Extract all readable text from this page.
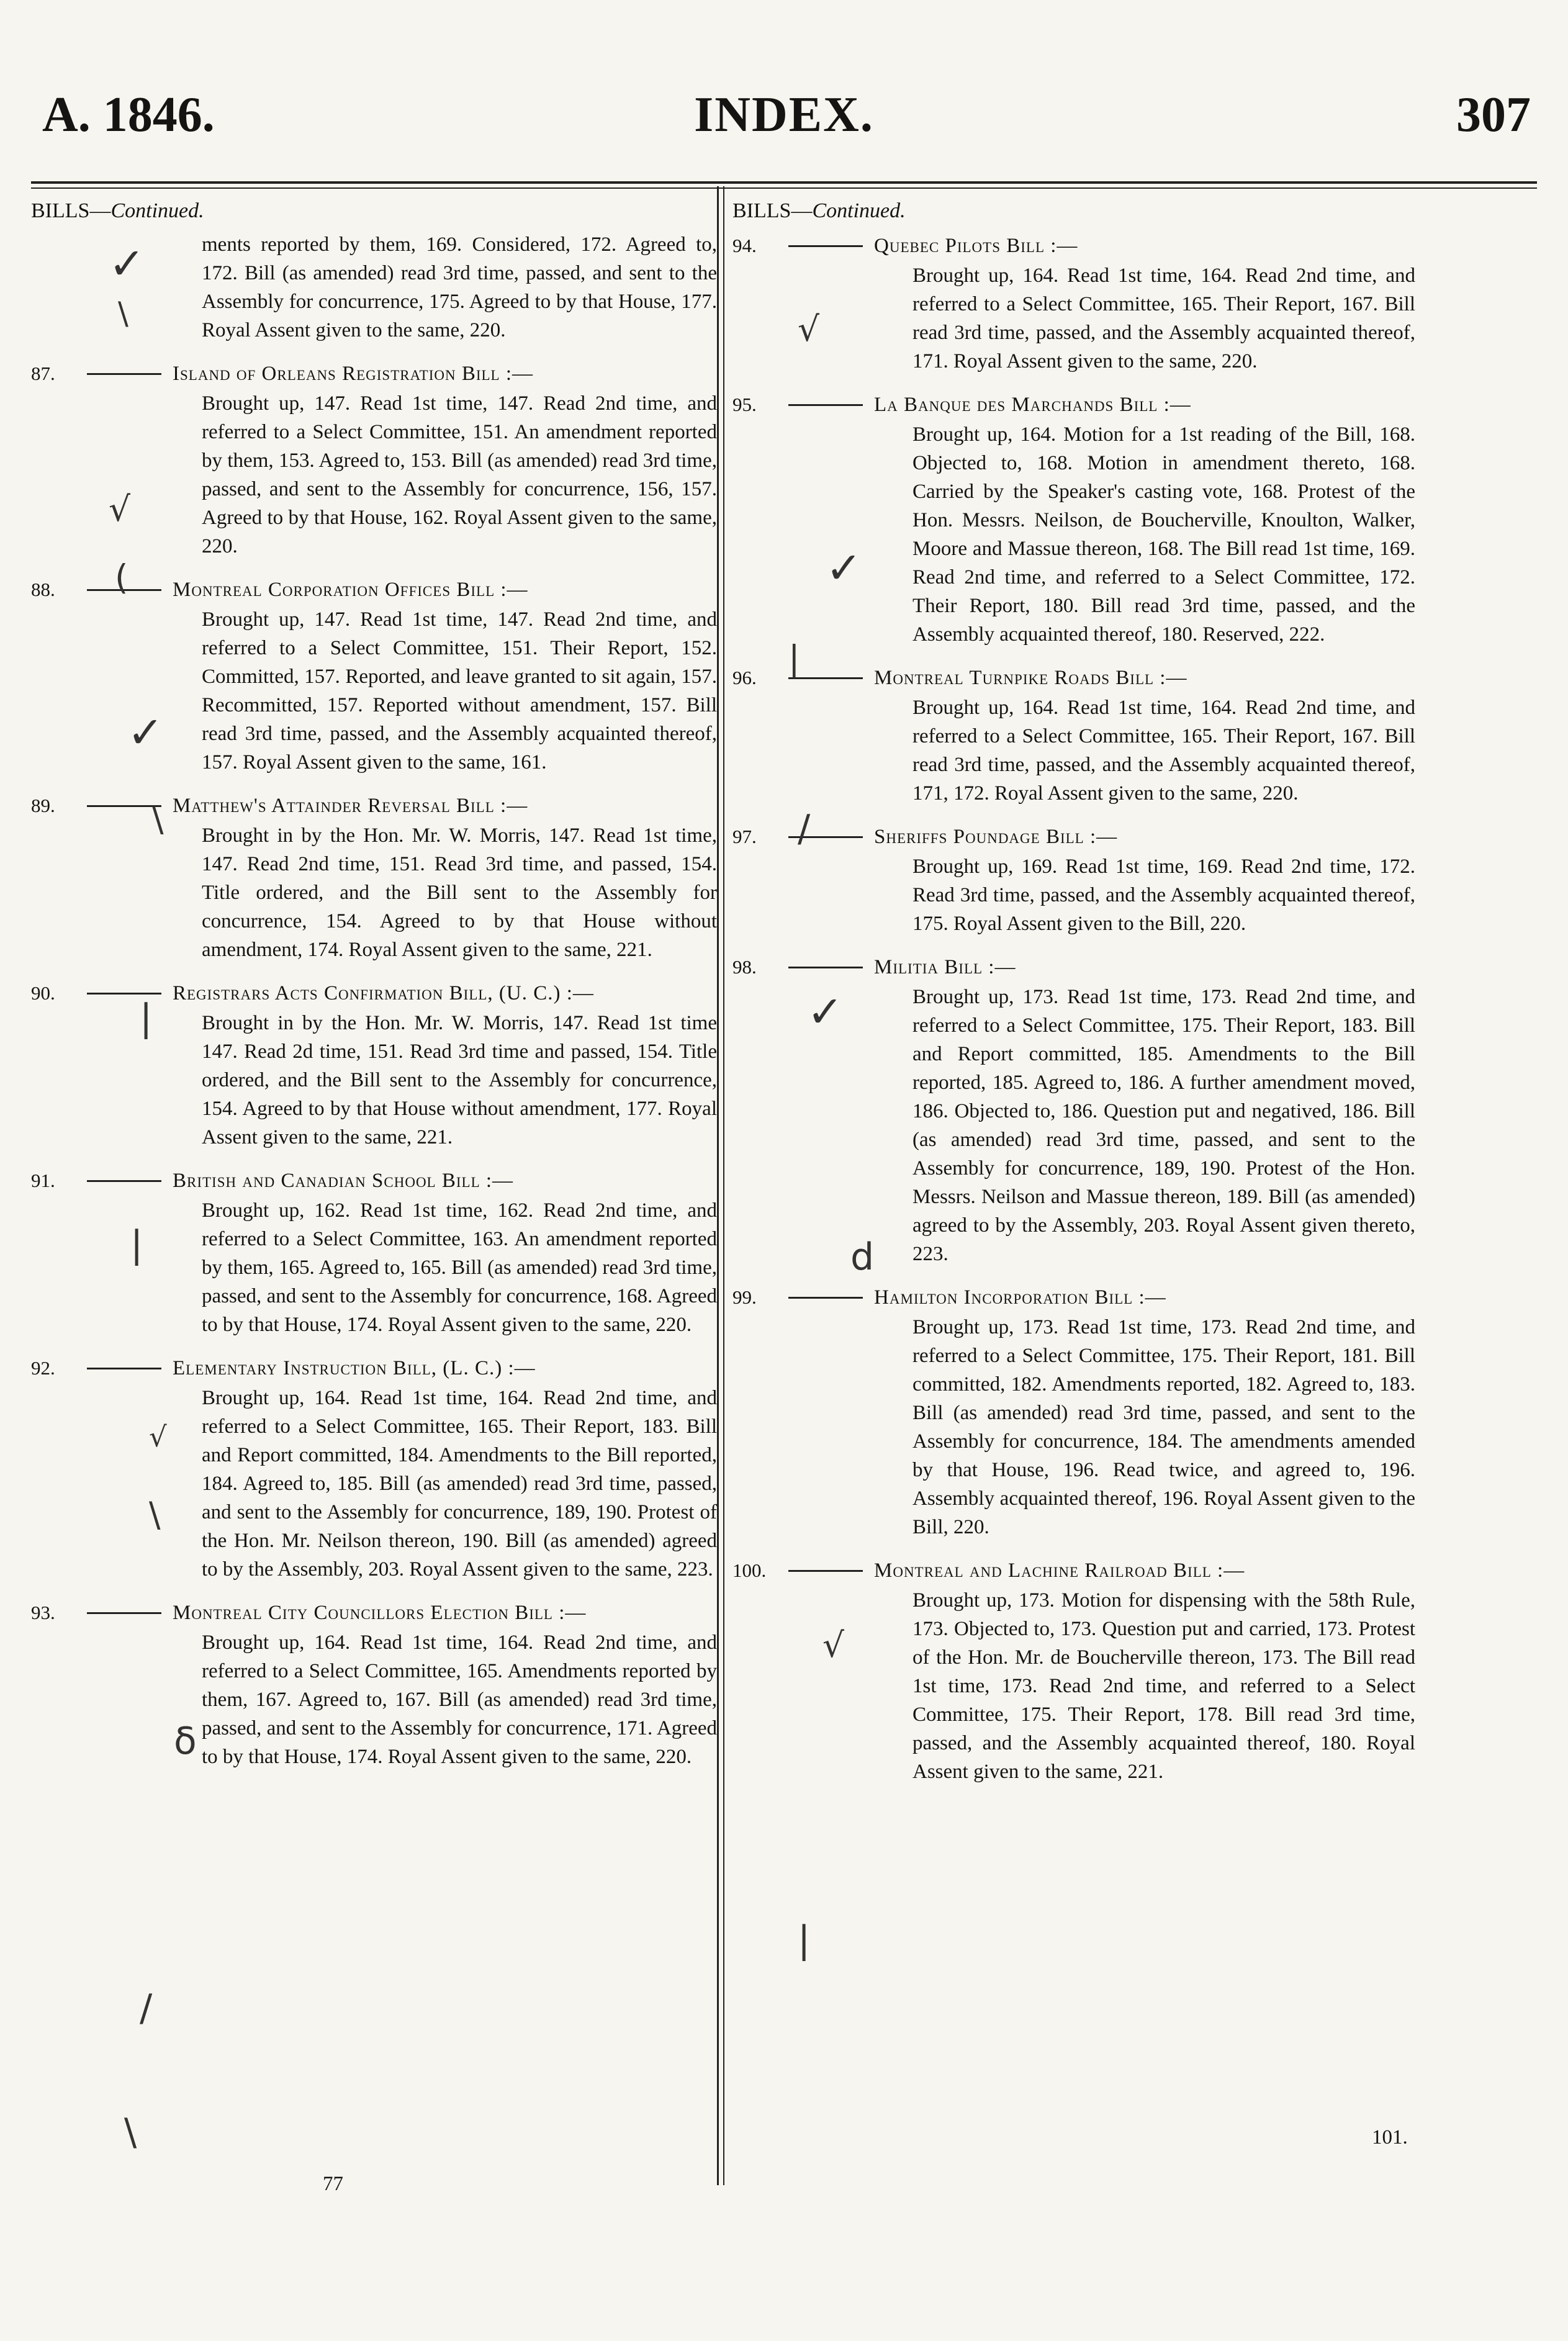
A. 1846.	INDEX.	307
BILLS—Continued.
ments reported by them, 169. Considered, 172. Agreed to, 172. Bill (as amended) read 3rd time, passed, and sent to the Assembly for concurrence, 175. Agreed to by that House, 177. Royal Assent given to the same, 220.
87.	Island of Orleans Registration Bill :—
Brought up, 147. Read 1st time, 147. Read 2nd time, and referred to a Select Committee, 151. An amendment reported by them, 153. Agreed to, 153. Bill (as amended) read 3rd time, passed, and sent to the Assembly for concurrence, 156, 157. Agreed to by that House, 162. Royal Assent given to the same, 220.
88.	Montreal Corporation Offices Bill :—
Brought up, 147. Read 1st time, 147. Read 2nd time, and referred to a Select Committee, 151. Their Report, 152. Committed, 157. Reported, and leave granted to sit again, 157. Recommitted, 157. Reported without amendment, 157. Bill read 3rd time, passed, and the Assembly acquainted thereof, 157. Royal Assent given to the same, 161.
89.	Matthew's Attainder Reversal Bill :—
Brought in by the Hon. Mr. W. Morris, 147. Read 1st time, 147. Read 2nd time, 151. Read 3rd time, and passed, 154. Title ordered, and the Bill sent to the Assembly for concurrence, 154. Agreed to by that House without amendment, 174. Royal Assent given to the same, 221.
90.	Registrars Acts Confirmation Bill, (U. C.) :—
Brought in by the Hon. Mr. W. Morris, 147. Read 1st time 147. Read 2d time, 151. Read 3rd time and passed, 154. Title ordered, and the Bill sent to the Assembly for concurrence, 154. Agreed to by that House without amendment, 177. Royal Assent given to the same, 221.
91.	British and Canadian School Bill :—
Brought up, 162. Read 1st time, 162. Read 2nd time, and referred to a Select Committee, 163. An amendment reported by them, 165. Agreed to, 165. Bill (as amended) read 3rd time, passed, and sent to the Assembly for concurrence, 168. Agreed to by that House, 174. Royal Assent given to the same, 220.
92.	Elementary Instruction Bill, (L. C.) :—
Brought up, 164. Read 1st time, 164. Read 2nd time, and referred to a Select Committee, 165. Their Report, 183. Bill and Report committed, 184. Amendments to the Bill reported, 184. Agreed to, 185. Bill (as amended) read 3rd time, passed, and sent to the Assembly for concurrence, 189, 190. Protest of the Hon. Mr. Neilson thereon, 190. Bill (as amended) agreed to by the Assembly, 203. Royal Assent given to the same, 223.
93.	Montreal City Councillors Election Bill :—
Brought up, 164. Read 1st time, 164. Read 2nd time, and referred to a Select Committee, 165. Amendments reported by them, 167. Agreed to, 167. Bill (as amended) read 3rd time, passed, and sent to the Assembly for concurrence, 171. Agreed to by that House, 174. Royal Assent given to the same, 220.
BILLS—Continued.
94.	Quebec Pilots Bill :—
Brought up, 164. Read 1st time, 164. Read 2nd time, and referred to a Select Committee, 165. Their Report, 167. Bill read 3rd time, passed, and the Assembly acquainted thereof, 171. Royal Assent given to the same, 220.
95.	La Banque des Marchands Bill :—
Brought up, 164. Motion for a 1st reading of the Bill, 168. Objected to, 168. Motion in amendment thereto, 168. Carried by the Speaker's casting vote, 168. Protest of the Hon. Messrs. Neilson, de Boucherville, Knoulton, Walker, Moore and Massue thereon, 168. The Bill read 1st time, 169. Read 2nd time, and referred to a Select Committee, 172. Their Report, 180. Bill read 3rd time, passed, and the Assembly acquainted thereof, 180. Reserved, 222.
96.	Montreal Turnpike Roads Bill :—
Brought up, 164. Read 1st time, 164. Read 2nd time, and referred to a Select Committee, 165. Their Report, 167. Bill read 3rd time, passed, and the Assembly acquainted thereof, 171, 172. Royal Assent given to the same, 220.
97.	Sheriffs Poundage Bill :—
Brought up, 169. Read 1st time, 169. Read 2nd time, 172. Read 3rd time, passed, and the Assembly acquainted thereof, 175. Royal Assent given to the Bill, 220.
98.	Militia Bill :—
Brought up, 173. Read 1st time, 173. Read 2nd time, and referred to a Select Committee, 175. Their Report, 183. Bill and Report committed, 185. Amendments to the Bill reported, 185. Agreed to, 186. A further amendment moved, 186. Objected to, 186. Question put and negatived, 186. Bill (as amended) read 3rd time, passed, and sent to the Assembly for concurrence, 189, 190. Protest of the Hon. Messrs. Neilson and Massue thereon, 189. Bill (as amended) agreed to by the Assembly, 203. Royal Assent given thereto, 223.
99.	Hamilton Incorporation Bill :—
Brought up, 173. Read 1st time, 173. Read 2nd time, and referred to a Select Committee, 175. Their Report, 181. Bill committed, 182. Amendments reported, 182. Agreed to, 183. Bill (as amended) read 3rd time, passed, and sent to the Assembly for concurrence, 184. The amendments amended by that House, 196. Read twice, and agreed to, 196. Assembly acquainted thereof, 196. Royal Assent given to the Bill, 220.
100.	Montreal and Lachine Railroad Bill :—
Brought up, 173. Motion for dispensing with the 58th Rule, 173. Objected to, 173. Question put and carried, 173. Protest of the Hon. Mr. de Boucherville thereon, 173. The Bill read 1st time, 173. Read 2nd time, and referred to a Select Committee, 175. Their Report, 178. Bill read 3rd time, passed, and the Assembly acquainted thereof, 180. Royal Assent given to the same, 221.
✓
\
√
(
✓
\
|
|
√
\
δ
/
\
√
✓
|
/
✓
d
√
|
77
101.
